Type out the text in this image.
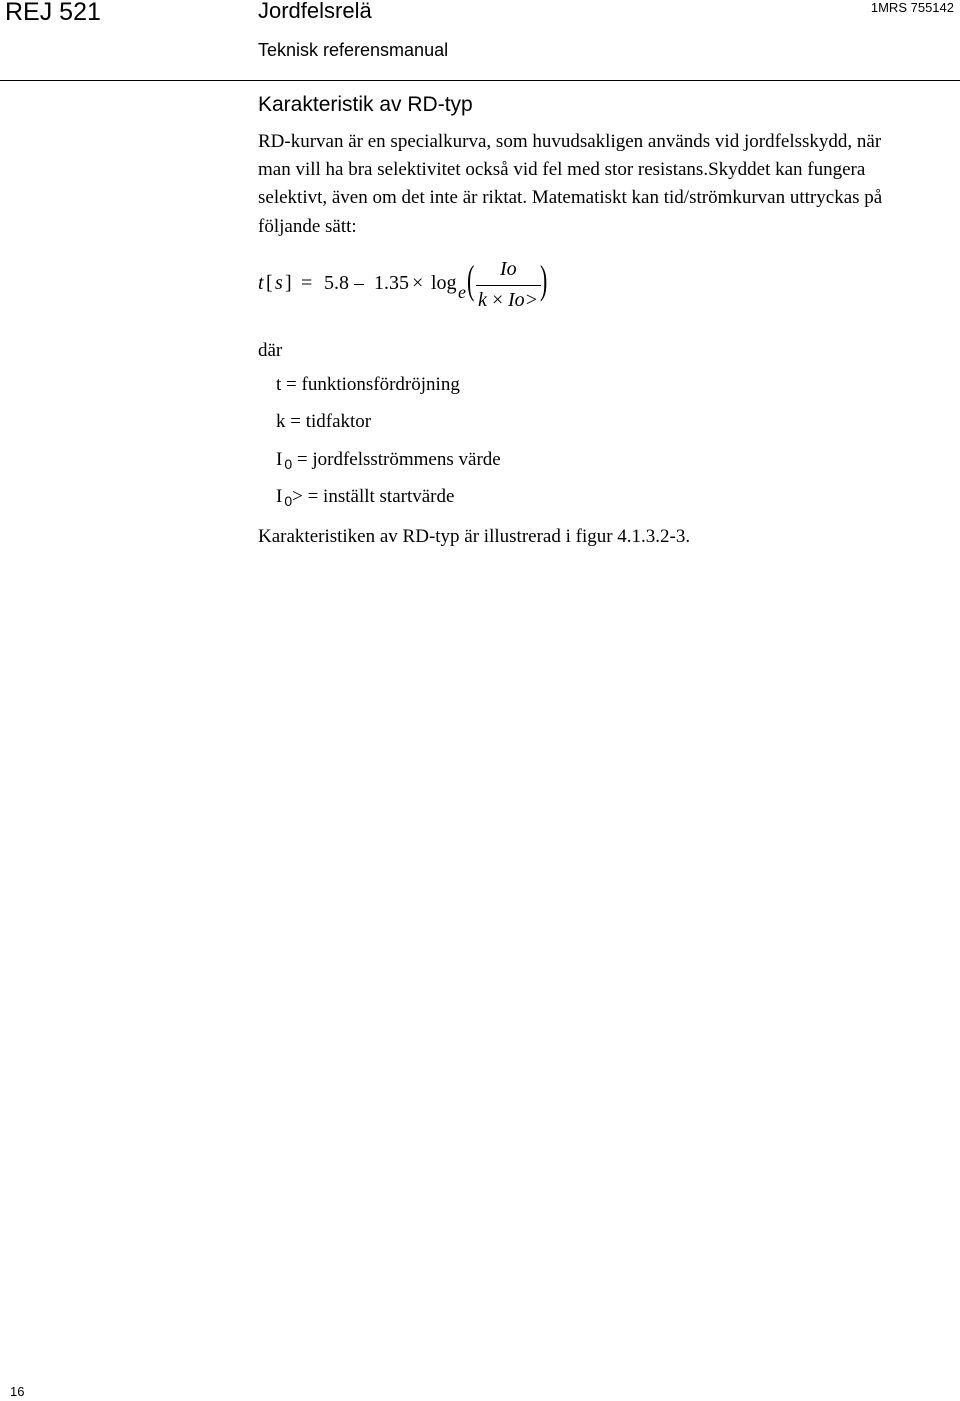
REJ 521	Jordfelsrelä	1MRS 755142
Teknisk referensmanual
Karakteristik av RD-typ
RD-kurvan är en specialkurva, som huvudsakligen används vid jordfelsskydd, när
man vill ha bra selektivitet också vid fel med stor resistans.Skyddet kan fungera
selektivt, även om det inte är riktat. Matematiskt kan tid/strömkurvan uttryckas på
följande sätt:
t [ s ] = 5.8 – 1.35 × log e ( Io
k × Io> )
där
t = funktionsfördröjning
k = tidfaktor
I $_0$ = jordfelsströmmens värde
I $_0$> = inställt startvärde
Karakteristiken av RD-typ är illustrerad i figur 4.1.3.2-3.
16
